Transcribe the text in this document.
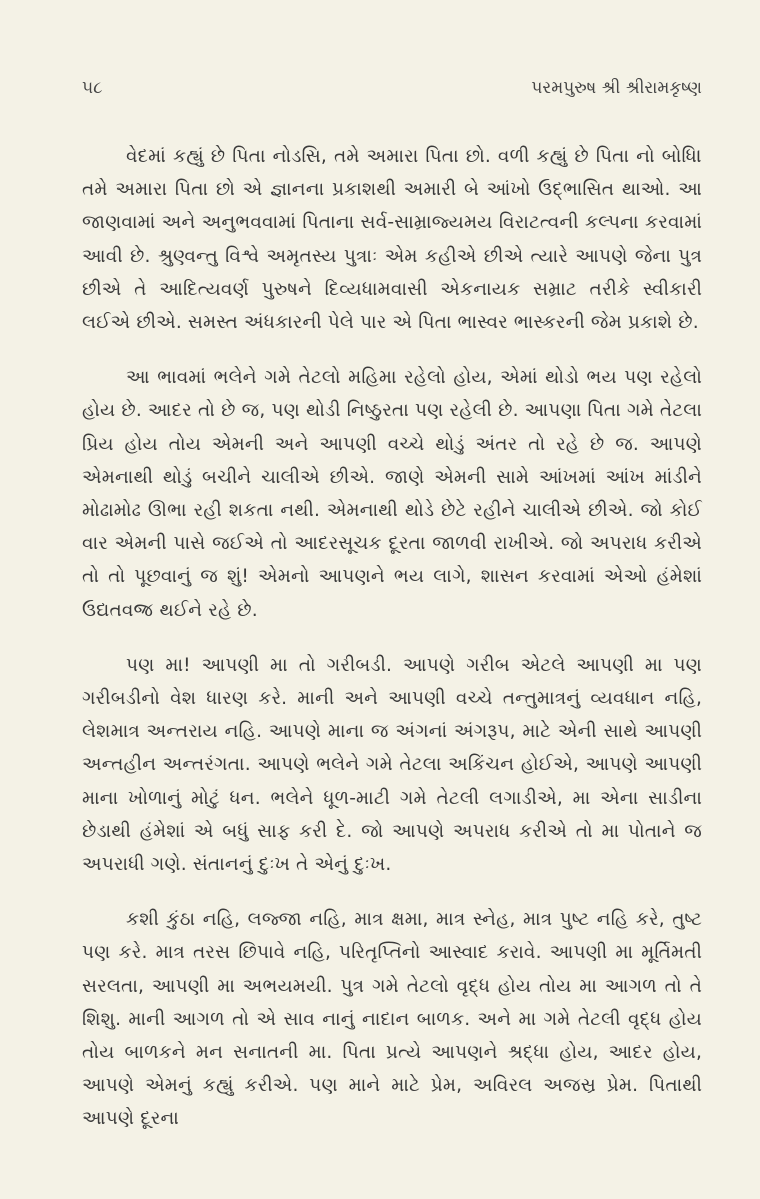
૫૮	પરમપુરુષ શ્રી શ્રીરામકૃષ્ણ

વેદમાં કહ્યું છે પિતા નોડસિ, તમે અમારા પિતા છો. વળી કહ્યું છે પિતા નો બોધિ। તમે અમારા પિતા છો એ જ્ઞાનના પ્રકાશથી અમારી બે આંખો ઉદ્ભાસિત થાઓ. આ જાણવામાં અને અનુભવવામાં પિતાના સર્વ-સામ્રાજ્યમય વિરાટત્વની કલ્પના કરવામાં આવી છે. શ્રુણ્વન્તુ વિશ્વે અમૃતસ્ય પુત્રાઃ એમ કહીએ છીએ ત્યારે આપણે જેના પુત્ર છીએ તે આદિત્યવર્ણ પુરુષને દિવ્યધામવાસી એકનાયક સમ્રાટ તરીકે સ્વીકારી લઈએ છીએ. સમસ્ત અંધકારની પેલે પાર એ પિતા ભાસ્વર ભાસ્કરની જેમ પ્રકાશે છે.

આ ભાવમાં ભલેને ગમે તેટલો મહિમા રહેલો હોય, એમાં થોડો ભય પણ રહેલો હોય છે. આદર તો છે જ, પણ થોડી નિષ્ઠુરતા પણ રહેલી છે. આપણા પિતા ગમે તેટલા પ્રિય હોય તોય એમની અને આપણી વચ્ચે થોડું અંતર તો રહે છે જ. આપણે એમનાથી થોડું બચીને ચાલીએ છીએ. જાણે એમની સામે આંખમાં આંખ માંડીને મોઢામોઢ ઊભા રહી શકતા નથી. એમનાથી થોડે છેટે રહીને ચાલીએ છીએ. જો કોઈ વાર એમની પાસે જઈએ તો આદરસૂચક દૂરતા જાળવી રાખીએ. જો અપરાધ કરીએ તો તો પૂછવાનું જ શું! એમનો આપણને ભય લાગે, શાસન કરવામાં એઓ હંમેશાં ઉદ્યતવજ્ર થઈને રહે છે.

પણ મા! આપણી મા તો ગરીબડી. આપણે ગરીબ એટલે આપણી મા પણ ગરીબડીનો વેશ ધારણ કરે. માની અને આપણી વચ્ચે તન્તુમાત્રનું વ્યવધાન નહિ, લેશમાત્ર અન્તરાય નહિ. આપણે માના જ અંગનાં અંગરૂપ, માટે એની સાથે આપણી અન્તહીન અન્તરંગતા. આપણે ભલેને ગમે તેટલા અકિંચન હોઈએ, આપણે આપણી માના ખોળાનું મોટું ધન. ભલેને ધૂળ-માટી ગમે તેટલી લગાડીએ, મા એના સાડીના છેડાથી હંમેશાં એ બધું સાફ કરી દે. જો આપણે અપરાધ કરીએ તો મા પોતાને જ અપરાધી ગણે. સંતાનનું દુઃખ તે એનું દુઃખ.

કશી કુંઠા નહિ, લજ્જા નહિ, માત્ર ક્ષમા, માત્ર સ્નેહ, માત્ર પુષ્ટ નહિ કરે, તુષ્ટ પણ કરે. માત્ર તરસ છિપાવે નહિ, પરિતૃપ્તિનો આસ્વાદ કરાવે. આપણી મા મૂર્તિમતી સરલતા, આપણી મા અભયમયી. પુત્ર ગમે તેટલો વૃદ્ધ હોય તોય મા આગળ તો તે શિશુ. માની આગળ તો એ સાવ નાનું નાદાન બાળક. અને મા ગમે તેટલી વૃદ્ધ હોય તોય બાળકને મન સનાતની મા. પિતા પ્રત્યે આપણને શ્રદ્ધા હોય, આદર હોય, આપણે એમનું કહ્યું કરીએ. પણ માને માટે પ્રેમ, અવિરલ અજસ્ર પ્રેમ. પિતાથી આપણે દૂરના
